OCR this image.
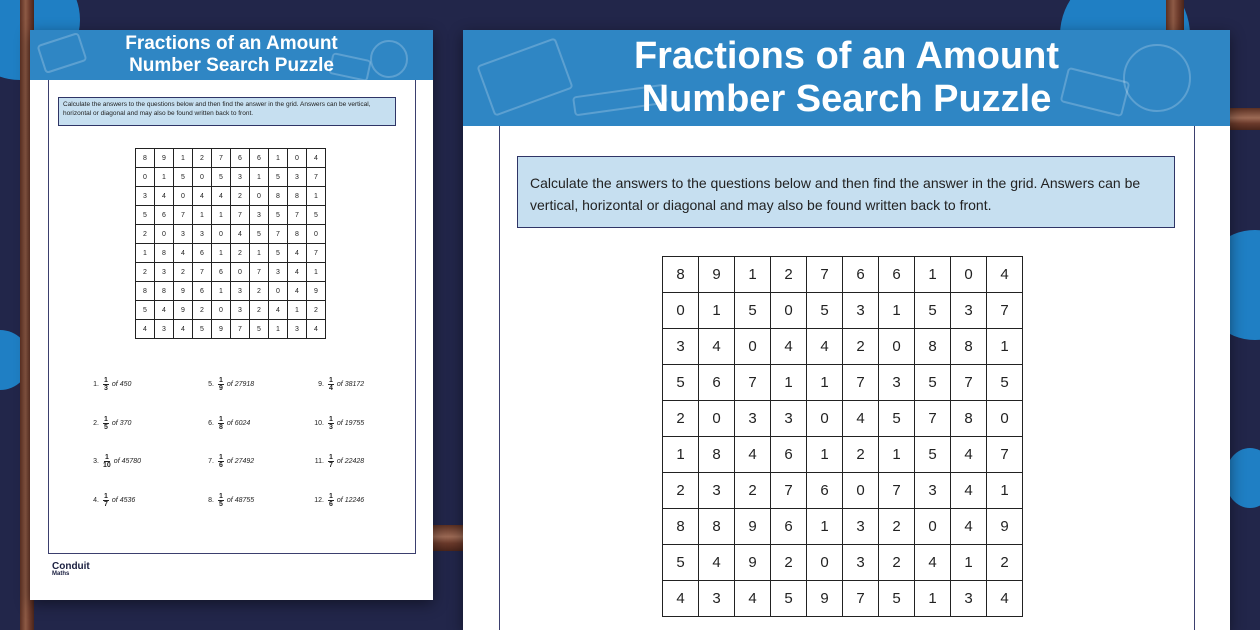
Fractions of an Amount
Number Search Puzzle
Calculate the answers to the questions below and then find the answer in the grid. Answers can be vertical, horizontal or diagonal and may also be found written back to front.
8	9	1	2	7	6	6	1	0	4
0	1	5	0	5	3	1	5	3	7
3	4	0	4	4	2	0	8	8	1
5	6	7	1	1	7	3	5	7	5
2	0	3	3	0	4	5	7	8	0
1	8	4	6	1	2	1	5	4	7
2	3	2	7	6	0	7	3	4	1
8	8	9	6	1	3	2	0	4	9
5	4	9	2	0	3	2	4	1	2
4	3	4	5	9	7	5	1	3	4
1. $\frac{1}{3}$ of 450
2. $\frac{1}{5}$ of 370
3. $\frac{1}{10}$ of 45780
4. $\frac{1}{7}$ of 4536
5. $\frac{1}{9}$ of 27918
6. $\frac{1}{8}$ of 6024
7. $\frac{1}{6}$ of 27492
8. $\frac{1}{5}$ of 48755
9. $\frac{1}{4}$ of 38172
10. $\frac{1}{3}$ of 19755
11. $\frac{1}{7}$ of 22428
12. $\frac{1}{6}$ of 12246
Conduit
Maths
Fractions of an Amount
Number Search Puzzle
Calculate the answers to the questions below and then find the answer in the grid. Answers can be vertical, horizontal or diagonal and may also be found written back to front.
8	9	1	2	7	6	6	1	0	4
0	1	5	0	5	3	1	5	3	7
3	4	0	4	4	2	0	8	8	1
5	6	7	1	1	7	3	5	7	5
2	0	3	3	0	4	5	7	8	0
1	8	4	6	1	2	1	5	4	7
2	3	2	7	6	0	7	3	4	1
8	8	9	6	1	3	2	0	4	9
5	4	9	2	0	3	2	4	1	2
4	3	4	5	9	7	5	1	3	4
